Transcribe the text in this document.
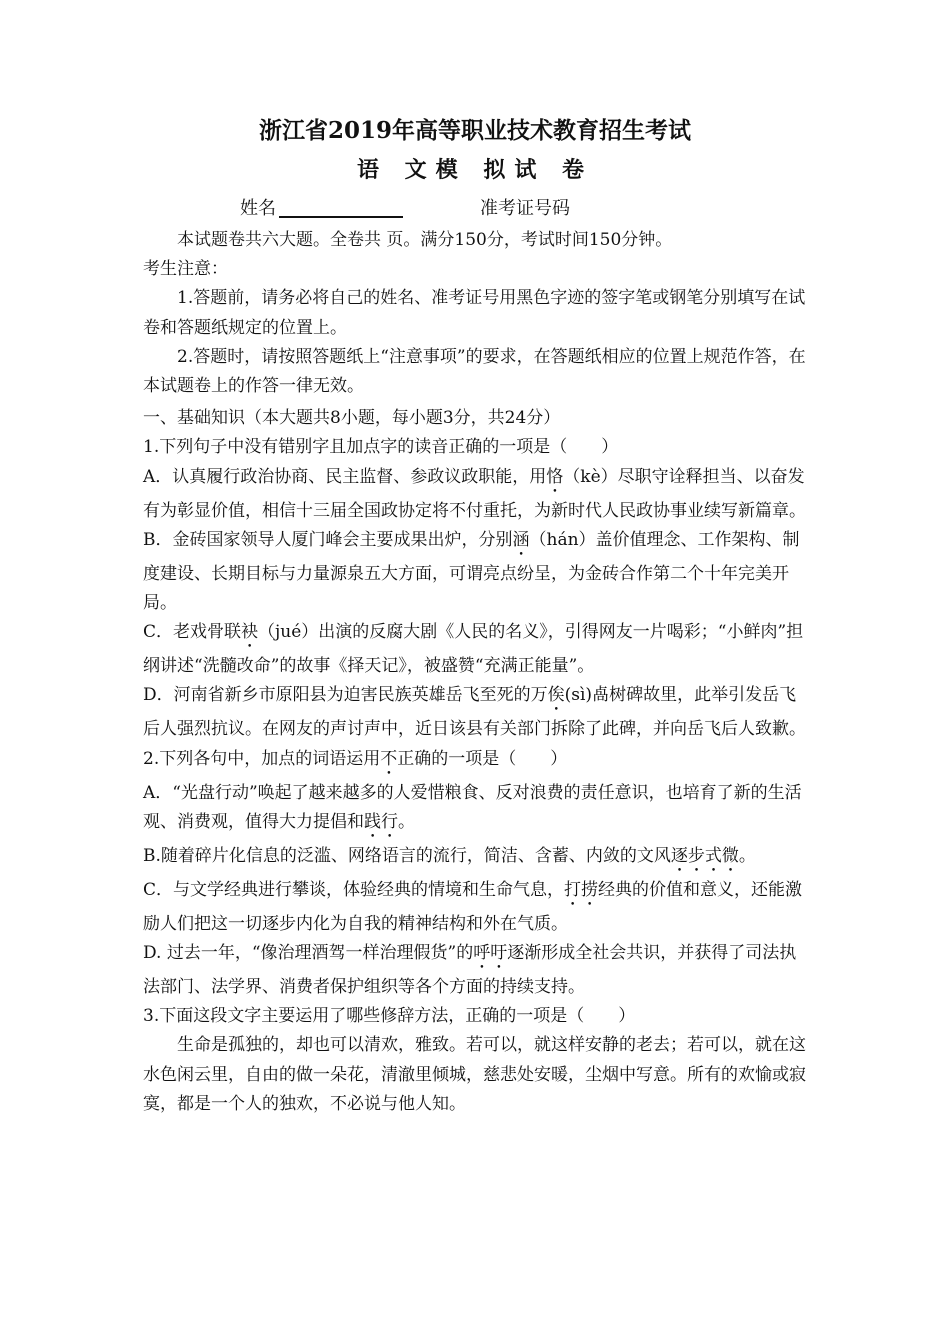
浙江省2019年高等职业技术教育招生考试
语 文模 拟试 卷
姓名	准考证号码

本试题卷共六大题。全卷共 页。满分150分，考试时间150分钟。

考生注意：

1.答题前，请务必将自己的姓名、准考证号用黑色字迹的签字笔或钢笔分别填写在试卷和答题纸规定的位置上。

2.答题时，请按照答题纸上“注意事项”的要求，在答题纸相应的位置上规范作答，在本试题卷上的作答一律无效。

一、基础知识（本大题共8小题，每小题3分，共24分）

1.下列句子中没有错别字且加点字的读音正确的一项是（　　）

A．认真履行政治协商、民主监督、参政议政职能，用恪（kè）尽职守诠释担当、以奋发有为彰显价值，相信十三届全国政协定将不付重托，为新时代人民政协事业续写新篇章。

B．金砖国家领导人厦门峰会主要成果出炉，分别涵（hán）盖价值理念、工作架构、制度建设、长期目标与力量源泉五大方面，可谓亮点纷呈，为金砖合作第二个十年完美开局。

C．老戏骨联袂（jué）出演的反腐大剧《人民的名义》，引得网友一片喝彩；“小鲜肉”担纲讲述“洗髓改命”的故事《择天记》，被盛赞“充满正能量”。

D．河南省新乡市原阳县为迫害民族英雄岳飞至死的万俟(sì)卨树碑故里，此举引发岳飞后人强烈抗议。在网友的声讨声中，近日该县有关部门拆除了此碑，并向岳飞后人致歉。

2.下列各句中，加点的词语运用不正确的一项是（　　）

A．“光盘行动”唤起了越来越多的人爱惜粮食、反对浪费的责任意识，也培育了新的生活观、消费观，值得大力提倡和践行。

B.随着碎片化信息的泛滥、网络语言的流行，简洁、含蓄、内敛的文风逐步式微。

C．与文学经典进行攀谈，体验经典的情境和生命气息，打捞经典的价值和意义，还能激励人们把这一切逐步内化为自我的精神结构和外在气质。

D. 过去一年，“像治理酒驾一样治理假货”的呼吁逐渐形成全社会共识，并获得了司法执法部门、法学界、消费者保护组织等各个方面的持续支持。

3.下面这段文字主要运用了哪些修辞方法，正确的一项是（　　）

生命是孤独的，却也可以清欢，雅致。若可以，就这样安静的老去；若可以，就在这水色闲云里，自由的做一朵花，清澈里倾城，慈悲处安暖，尘烟中写意。所有的欢愉或寂寞，都是一个人的独欢，不必说与他人知。
